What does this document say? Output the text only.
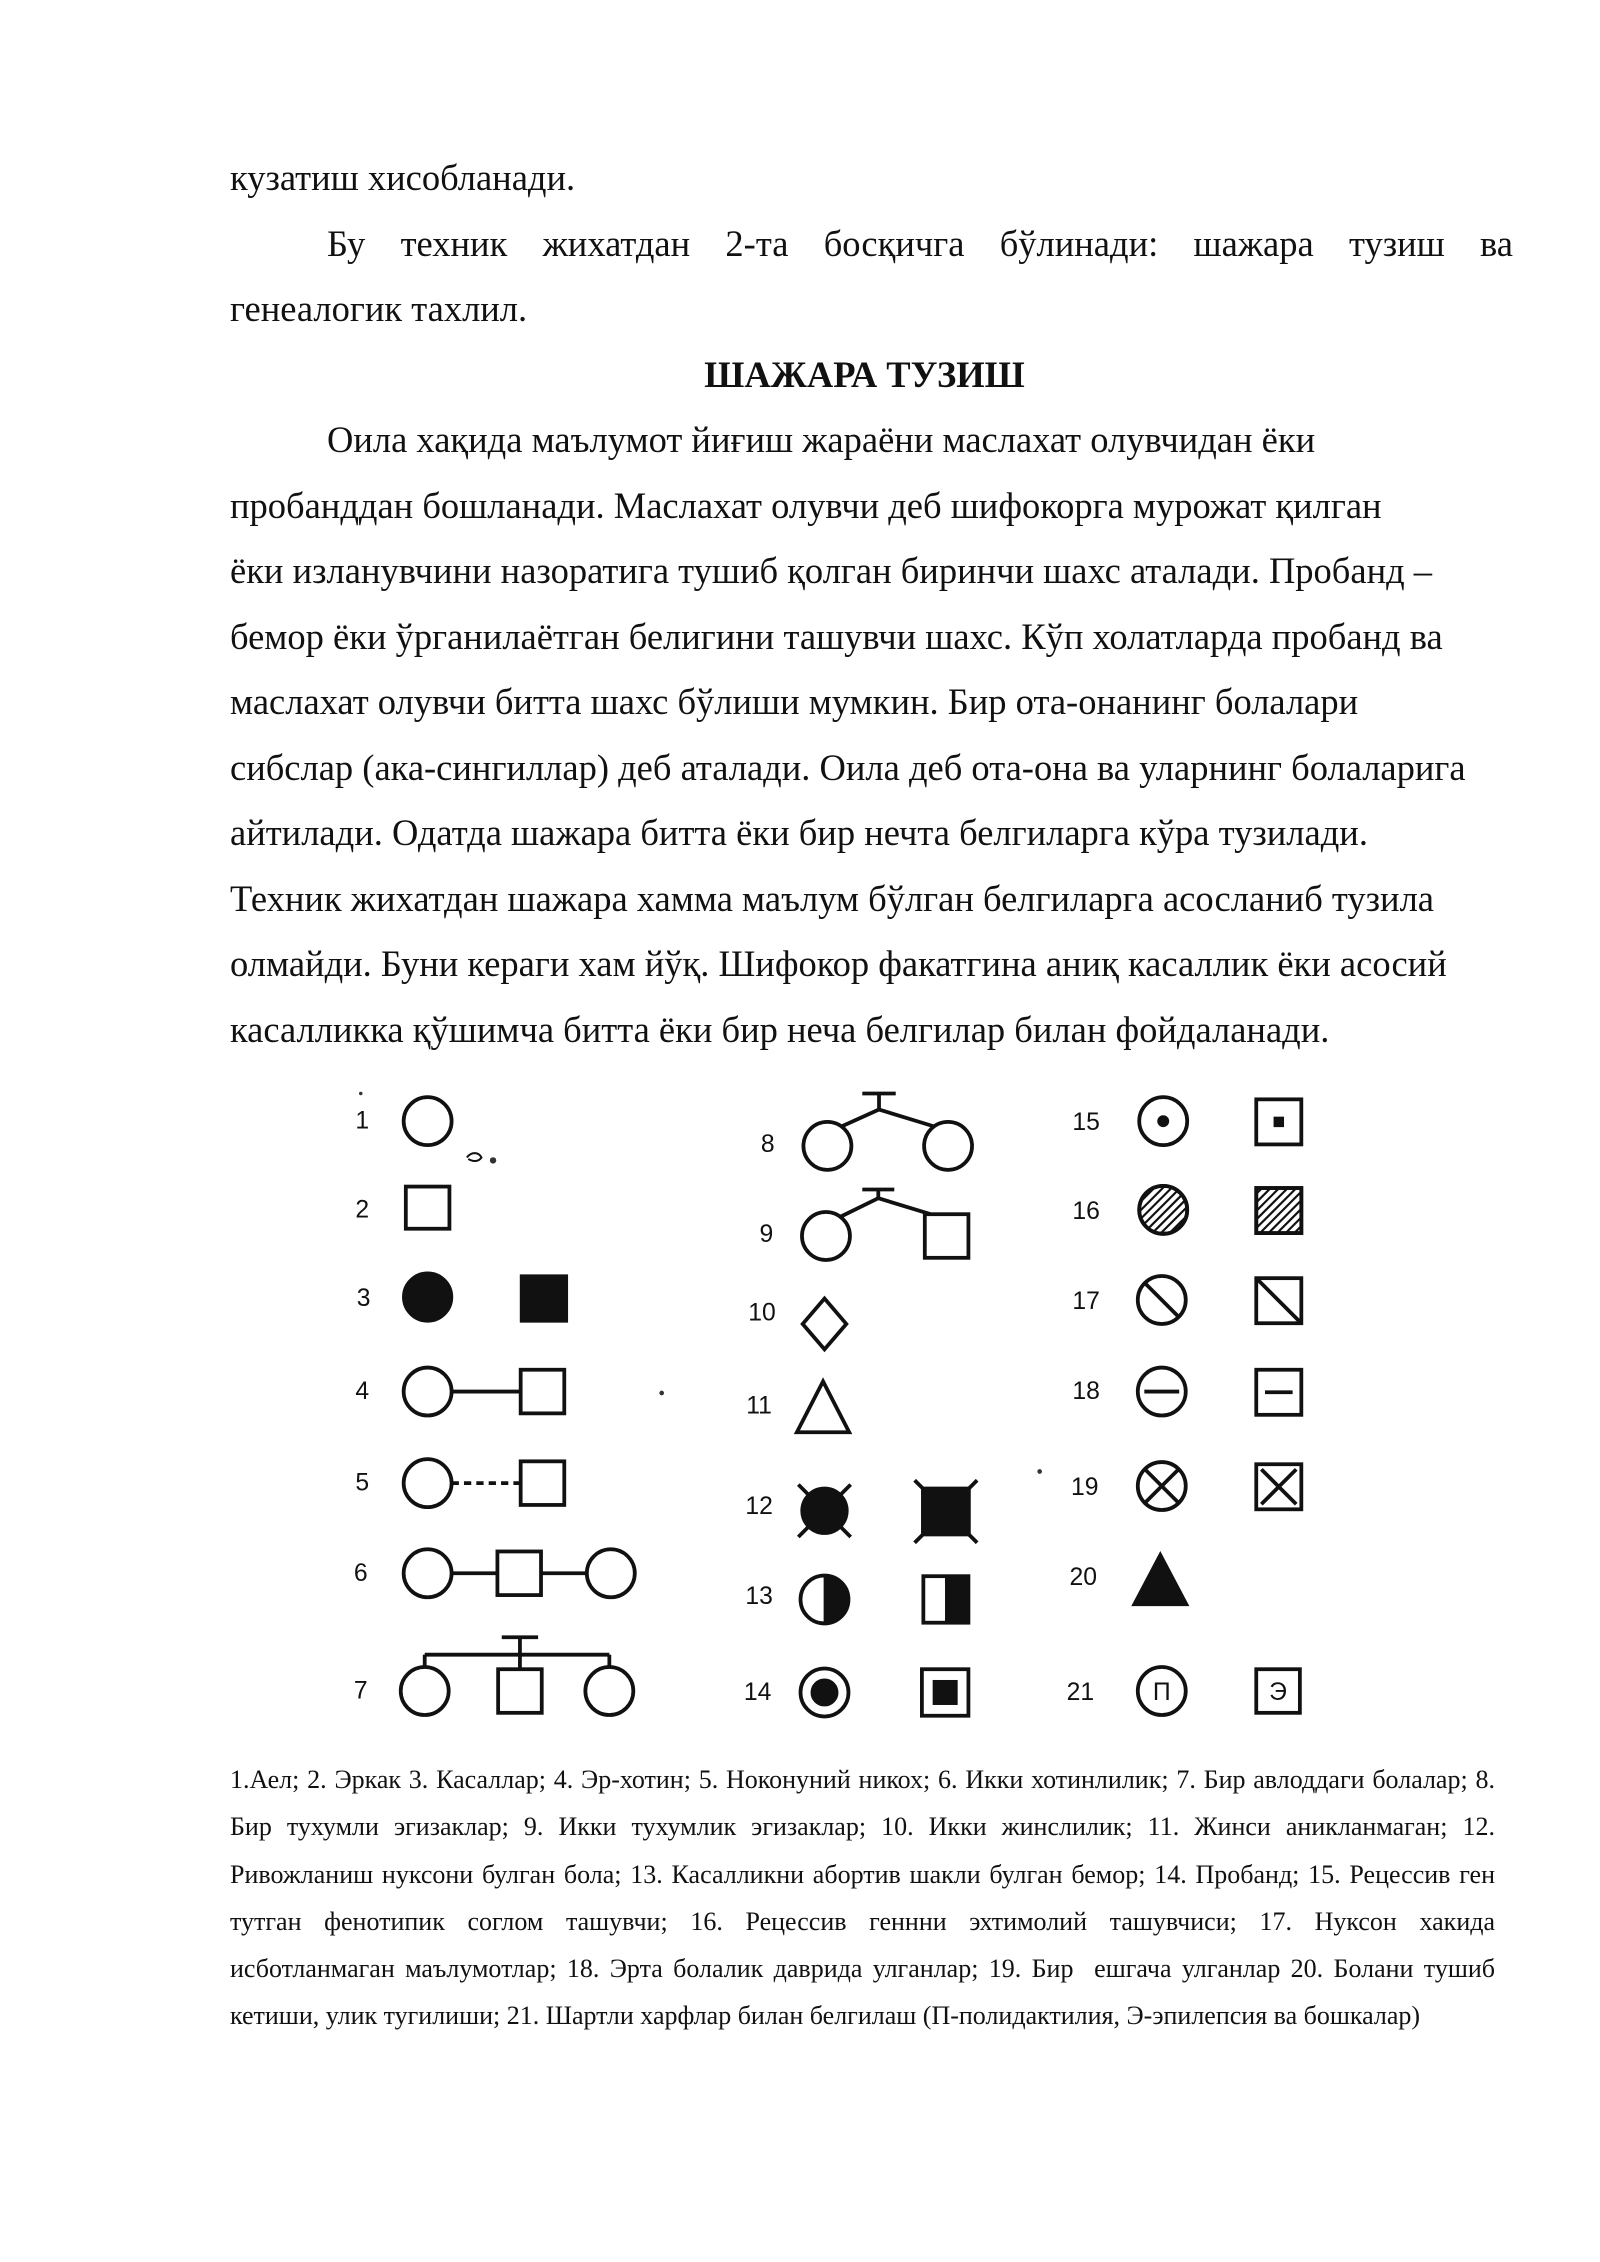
кузатиш хисобланади.
Бу техник жихатдан 2-та босқичга бўлинади: шажара тузиш ва
генеалогик тахлил.
ШАЖАРА ТУЗИШ
Оила хақида маълумот йиғиш жараёни маслахат олувчидан ёки
пробанддан бошланади. Маслахат олувчи деб шифокорга мурожат қилган
ёки изланувчини назоратига тушиб қолган биринчи шахс аталади. Пробанд –
бемор ёки ўрганилаётган белигини ташувчи шахс. Кўп холатларда пробанд ва
маслахат олувчи битта шахс бўлиши мумкин. Бир ота-онанинг болалари
сибслар (ака-сингиллар) деб аталади. Оила деб ота-она ва уларнинг болаларига
айтилади. Одатда шажара битта ёки бир нечта белгиларга кўра тузилади.
Техник жихатдан шажара хамма маълум бўлган белгиларга асосланиб тузила
олмайди. Буни кераги хам йўқ. Шифокор факатгина аниқ касаллик ёки асосий
касалликка қўшимча битта ёки бир неча белгилар билан фойдаланади.
1
2
3
4
5
6
7
8
9
10
11
12
13
14
15
16
17
18
19
20
21	П	Э
1.Аел; 2. Эркак 3. Касаллар; 4. Эр-хотин; 5. Ноконуний никох; 6. Икки хотинлилик; 7. Бир авлоддаги болалар; 8.
Бир тухумли эгизаклар; 9. Икки тухумлик эгизаклар; 10. Икки жинслилик; 11. Жинси аникланмаган; 12.
Ривожланиш нуксони булган бола; 13. Касалликни абортив шакли булган бемор; 14. Пробанд; 15. Рецессив ген
тутган фенотипик соглом ташувчи; 16. Рецессив геннни эхтимолий ташувчиси; 17. Нуксон хакида
исботланмаган маълумотлар; 18. Эрта болалик даврида улганлар; 19. Бир  ешгача улганлар 20. Болани тушиб
кетиши, улик тугилиши; 21. Шартли харфлар билан белгилаш (П-полидактилия, Э-эпилепсия ва бошкалар)
